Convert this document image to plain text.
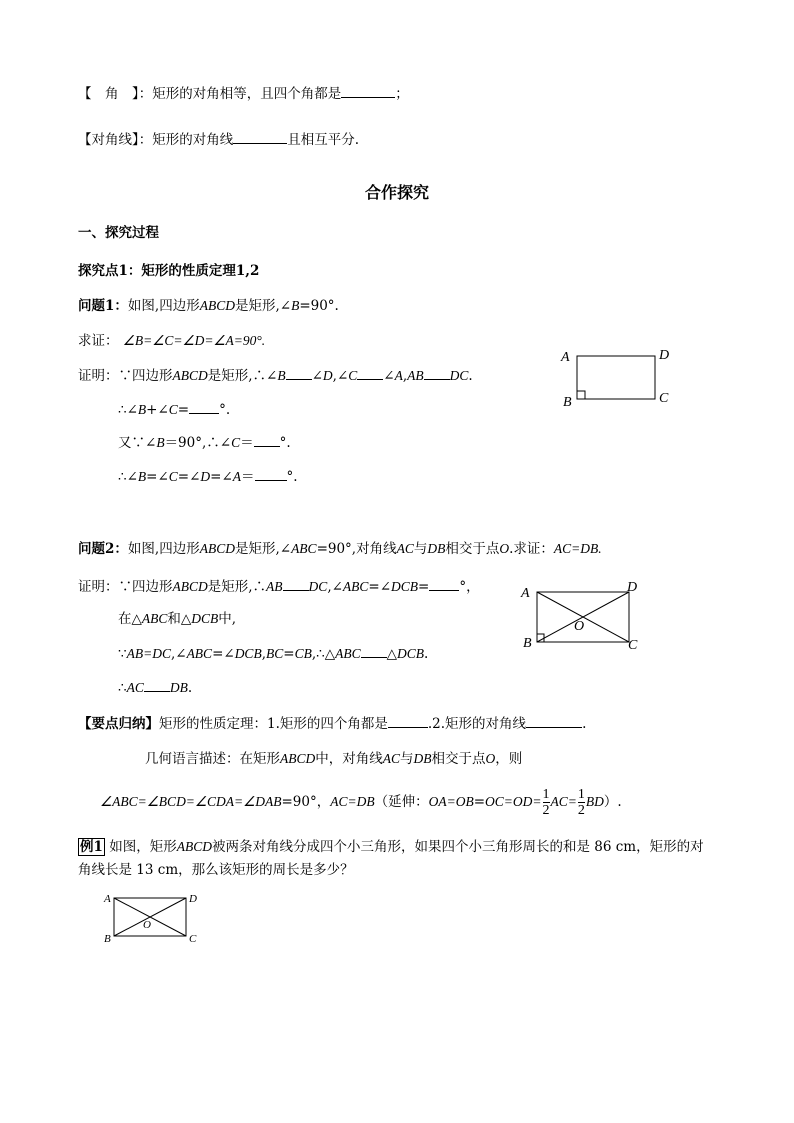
【　角　】：矩形的对角相等，且四个角都是	；
【对角线】：矩形的对角线	且相互平分.
合作探究
一、探究过程
探究点1：矩形的性质定理1,2
问题1：如图,四边形ABCD是矩形,∠B=90°.
求证： ∠B=∠C=∠D=∠A=90°.
证明：∵四边形ABCD是矩形,∴∠B ∠D,∠C ∠A,AB DC.
∴∠B+∠C= °.
又∵∠B＝90°,∴∠C＝ °.
∴∠B=∠C=∠D=∠A＝ °.
A	D
B	C
问题2：如图,四边形ABCD是矩形,∠ABC=90°,对角线AC与DB相交于点O.求证：AC=DB.
证明：∵四边形ABCD是矩形,∴AB DC,∠ABC=∠DCB= °，
在△ABC和△DCB中,
∵AB=DC,∠ABC=∠DCB,BC=CB,∴△ABC △DCB.
∴AC DB.
A	D
B	C
O
【要点归纳】矩形的性质定理：1.矩形的四个角都是	.2.矩形的对角线	.
几何语言描述：在矩形ABCD中，对角线AC与DB相交于点O，则
∠ABC=∠BCD=∠CDA=∠DAB=90°，AC=DB（延伸：$OA=OB=OC=OD= \frac{1}{2} AC= \frac{1}{2} BD$）.
例1 如图，矩形ABCD被两条对角线分成四个小三角形，如果四个小三角形周长的和是 86 cm，矩形的对
角线长是 13 cm，那么该矩形的周长是多少？
A	D
B	C
O
